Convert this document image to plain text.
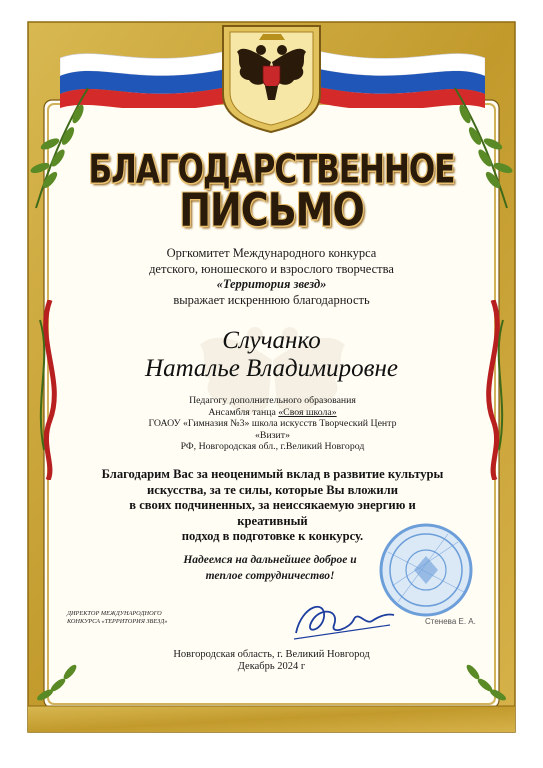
БЛАГОДАРСТВЕННОЕ
ПИСЬМО
Оргкомитет Международного конкурса
детского, юношеского и взрослого творчества
«Территория звезд»
выражает искреннюю благодарность
Случанко
Наталье Владимировне
Педагогу дополнительного образования
Ансамбля танца «Своя школа»
ГОАОУ «Гимназия №3» школа искусств Творческий Центр «Визит»
РФ, Новгородская обл., г.Великий Новгород
Благодарим Вас за неоценимый вклад в развитие культуры
искусства, за те силы, которые Вы вложили
в своих подчиненных, за неиссякаемую энергию и креативный
подход в подготовке к конкурсу.
Надеемся на дальнейшее доброе и
теплое сотрудничество!
ДИРЕКТОР МЕЖДУНАРОДНОГО
КОНКУРСА «ТЕРРИТОРИЯ ЗВЕЗД»	Стенева Е. А.
Новгородская область, г. Великий Новгород
Декабрь 2024 г
